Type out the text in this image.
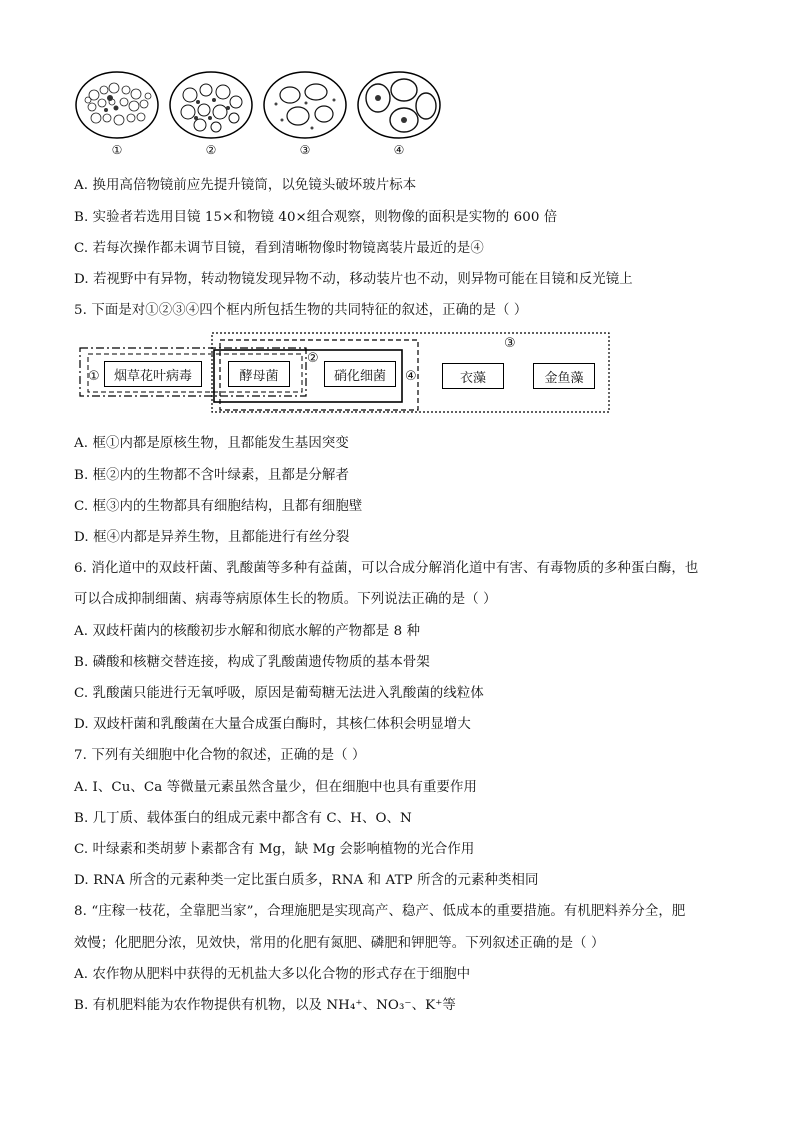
①	②	③	④
A. 换用高倍物镜前应先提升镜筒，以免镜头破坏玻片标本
B. 实验者若选用目镜 15×和物镜 40×组合观察，则物像的面积是实物的 600 倍
C. 若每次操作都未调节目镜，看到清晰物像时物镜离装片最近的是④
D. 若视野中有异物，转动物镜发现异物不动，移动装片也不动，则异物可能在目镜和反光镜上
5. 下面是对①②③④四个框内所包括生物的共同特征的叙述，正确的是（ ）
烟草花叶病毒	酵母菌	硝化细菌	衣藻	金鱼藻
①
②
③
④
A. 框①内都是原核生物，且都能发生基因突变
B. 框②内的生物都不含叶绿素，且都是分解者
C. 框③内的生物都具有细胞结构，且都有细胞壁
D. 框④内都是异养生物，且都能进行有丝分裂
6. 消化道中的双歧杆菌、乳酸菌等多种有益菌，可以合成分解消化道中有害、有毒物质的多种蛋白酶，也
可以合成抑制细菌、病毒等病原体生长的物质。下列说法正确的是（ ）
A. 双歧杆菌内的核酸初步水解和彻底水解的产物都是 8 种
B. 磷酸和核糖交替连接，构成了乳酸菌遗传物质的基本骨架
C. 乳酸菌只能进行无氧呼吸，原因是葡萄糖无法进入乳酸菌的线粒体
D. 双歧杆菌和乳酸菌在大量合成蛋白酶时，其核仁体积会明显增大
7. 下列有关细胞中化合物的叙述，正确的是（ ）
A. I、Cu、Ca 等微量元素虽然含量少，但在细胞中也具有重要作用
B. 几丁质、载体蛋白的组成元素中都含有 C、H、O、N
C. 叶绿素和类胡萝卜素都含有 Mg，缺 Mg 会影响植物的光合作用
D. RNA 所含的元素种类一定比蛋白质多，RNA 和 ATP 所含的元素种类相同
8. “庄稼一枝花，全靠肥当家”，合理施肥是实现高产、稳产、低成本的重要措施。有机肥料养分全，肥
效慢；化肥肥分浓，见效快，常用的化肥有氮肥、磷肥和钾肥等。下列叙述正确的是（ ）
A. 农作物从肥料中获得的无机盐大多以化合物的形式存在于细胞中
B. 有机肥料能为农作物提供有机物，以及 NH₄⁺、NO₃⁻、K⁺等
